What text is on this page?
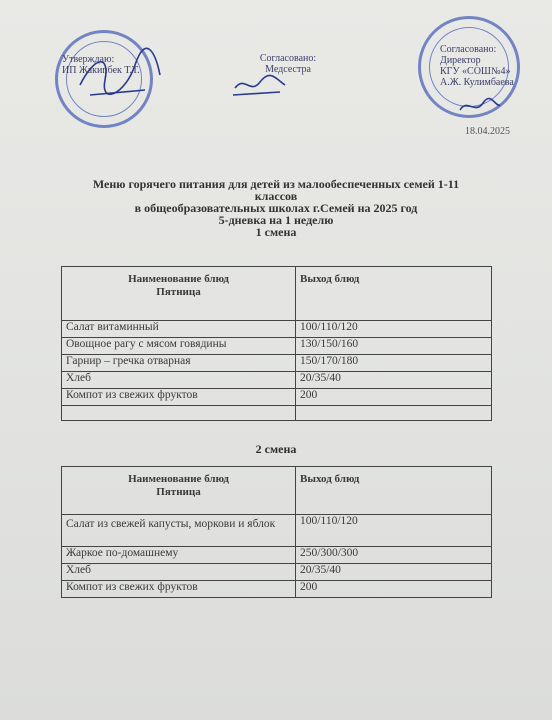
Утверждаю:
ИП Жакипбек Т.Т.
Согласовано:
Медсестра
Согласовано:
Директор
КГУ «СОШ№4»
А.Ж. Кулимбаева
18.04.2025
Меню горячего питания для детей из малообеспеченных семей 1-11
классов
в общеобразовательных школах г.Семей на 2025 год
5-дневка на 1 неделю
1 смена
Наименование блюд
Пятница	Выход блюд
Салат витаминный	100/110/120
Овощное рагу с мясом говядины	130/150/160
Гарнир – гречка отварная	150/170/180
Хлеб	20/35/40
Компот из свежих фруктов	200

2 смена
Наименование блюд
Пятница	Выход блюд
Салат из свежей капусты, моркови и яблок	100/110/120
Жаркое по-домашнему	250/300/300
Хлеб	20/35/40
Компот из свежих фруктов	200
